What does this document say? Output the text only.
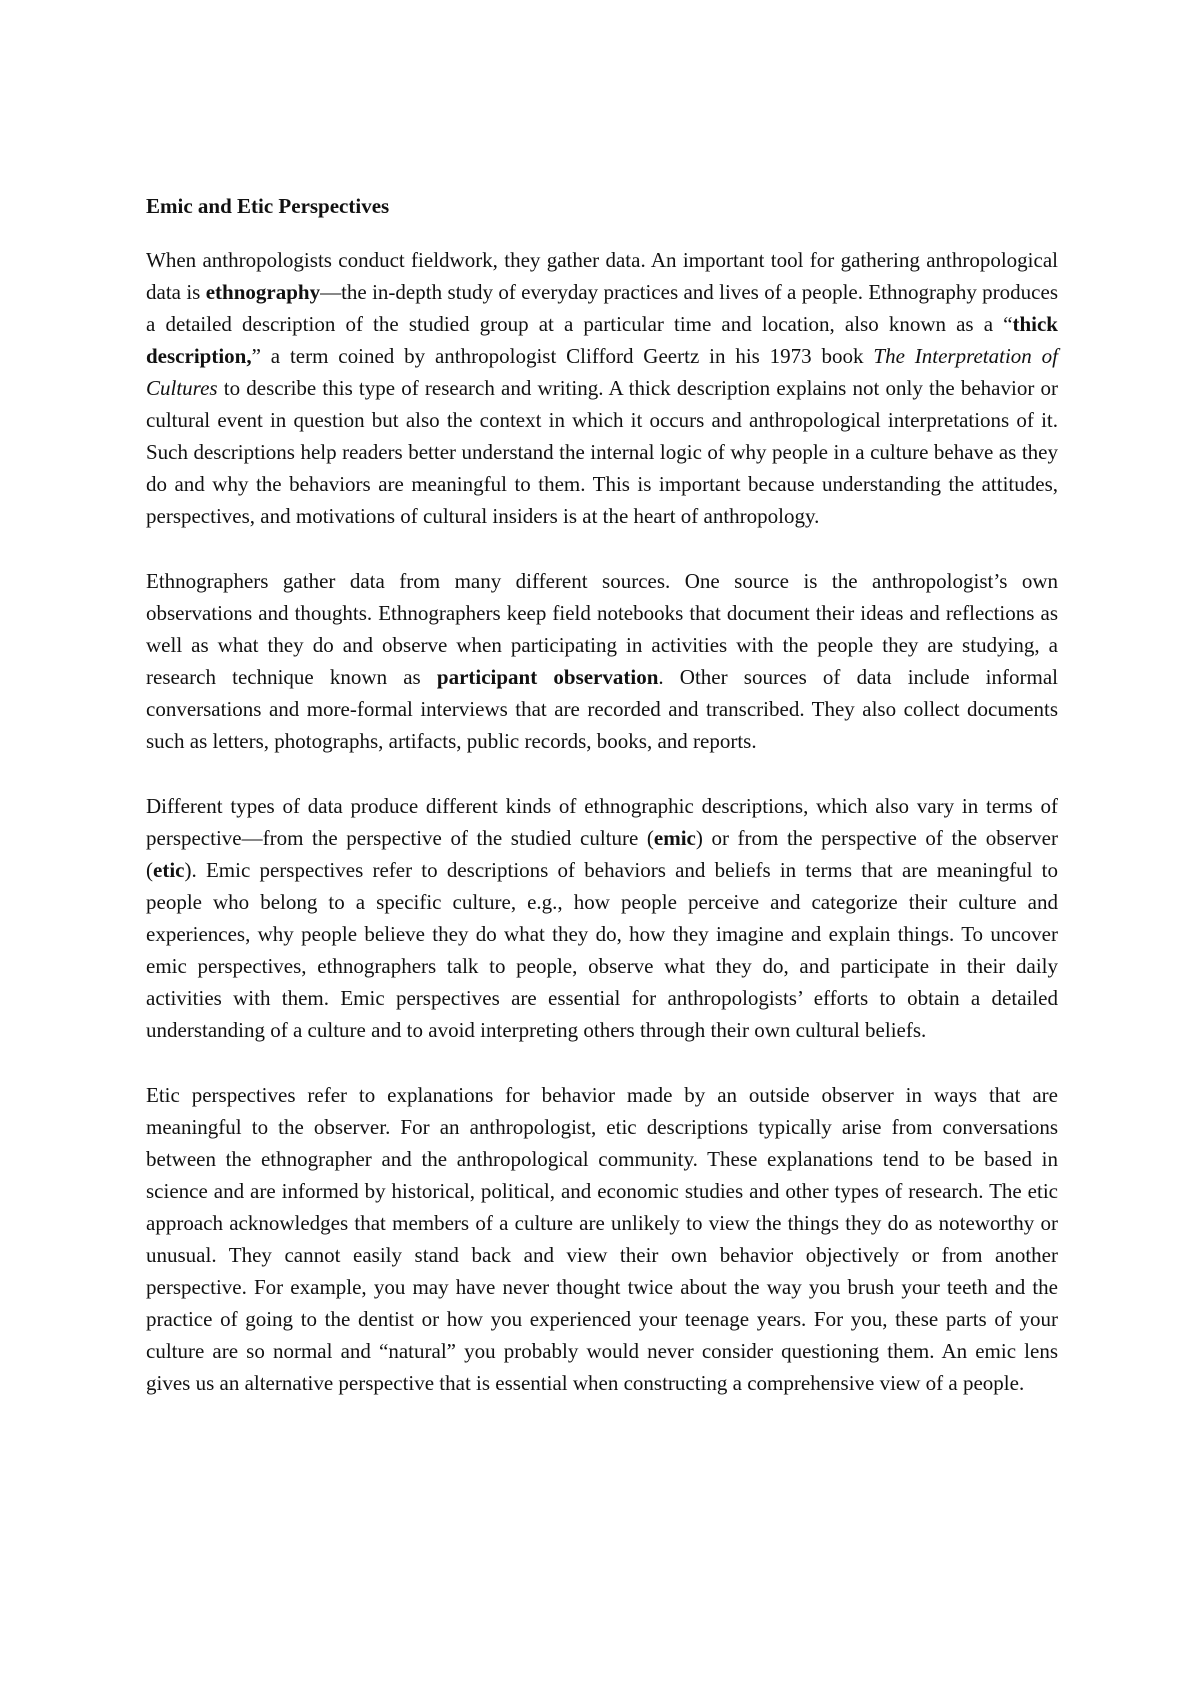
Emic and Etic Perspectives

When anthropologists conduct fieldwork, they gather data. An important tool for gathering anthropological data is ethnography—the in-depth study of everyday practices and lives of a people. Ethnography produces a detailed description of the studied group at a particular time and location, also known as a “thick description,” a term coined by anthropologist Clifford Geertz in his 1973 book The Interpretation of Cultures to describe this type of research and writing. A thick description explains not only the behavior or cultural event in question but also the context in which it occurs and anthropological interpretations of it. Such descriptions help readers better understand the internal logic of why people in a culture behave as they do and why the behaviors are meaningful to them. This is important because understanding the attitudes, perspectives, and motivations of cultural insiders is at the heart of anthropology.

Ethnographers gather data from many different sources. One source is the anthropologist’s own observations and thoughts. Ethnographers keep field notebooks that document their ideas and reflections as well as what they do and observe when participating in activities with the people they are studying, a research technique known as participant observation. Other sources of data include informal conversations and more-formal interviews that are recorded and transcribed. They also collect documents such as letters, photographs, artifacts, public records, books, and reports.

Different types of data produce different kinds of ethnographic descriptions, which also vary in terms of perspective—from the perspective of the studied culture (emic) or from the perspective of the observer (etic). Emic perspectives refer to descriptions of behaviors and beliefs in terms that are meaningful to people who belong to a specific culture, e.g., how people perceive and categorize their culture and experiences, why people believe they do what they do, how they imagine and explain things. To uncover emic perspectives, ethnographers talk to people, observe what they do, and participate in their daily activities with them. Emic perspectives are essential for anthropologists’ efforts to obtain a detailed understanding of a culture and to avoid interpreting others through their own cultural beliefs.

Etic perspectives refer to explanations for behavior made by an outside observer in ways that are meaningful to the observer. For an anthropologist, etic descriptions typically arise from conversations between the ethnographer and the anthropological community. These explanations tend to be based in science and are informed by historical, political, and economic studies and other types of research. The etic approach acknowledges that members of a culture are unlikely to view the things they do as noteworthy or unusual. They cannot easily stand back and view their own behavior objectively or from another perspective. For example, you may have never thought twice about the way you brush your teeth and the practice of going to the dentist or how you experienced your teenage years. For you, these parts of your culture are so normal and “natural” you probably would never consider questioning them. An emic lens gives us an alternative perspective that is essential when constructing a comprehensive view of a people.
